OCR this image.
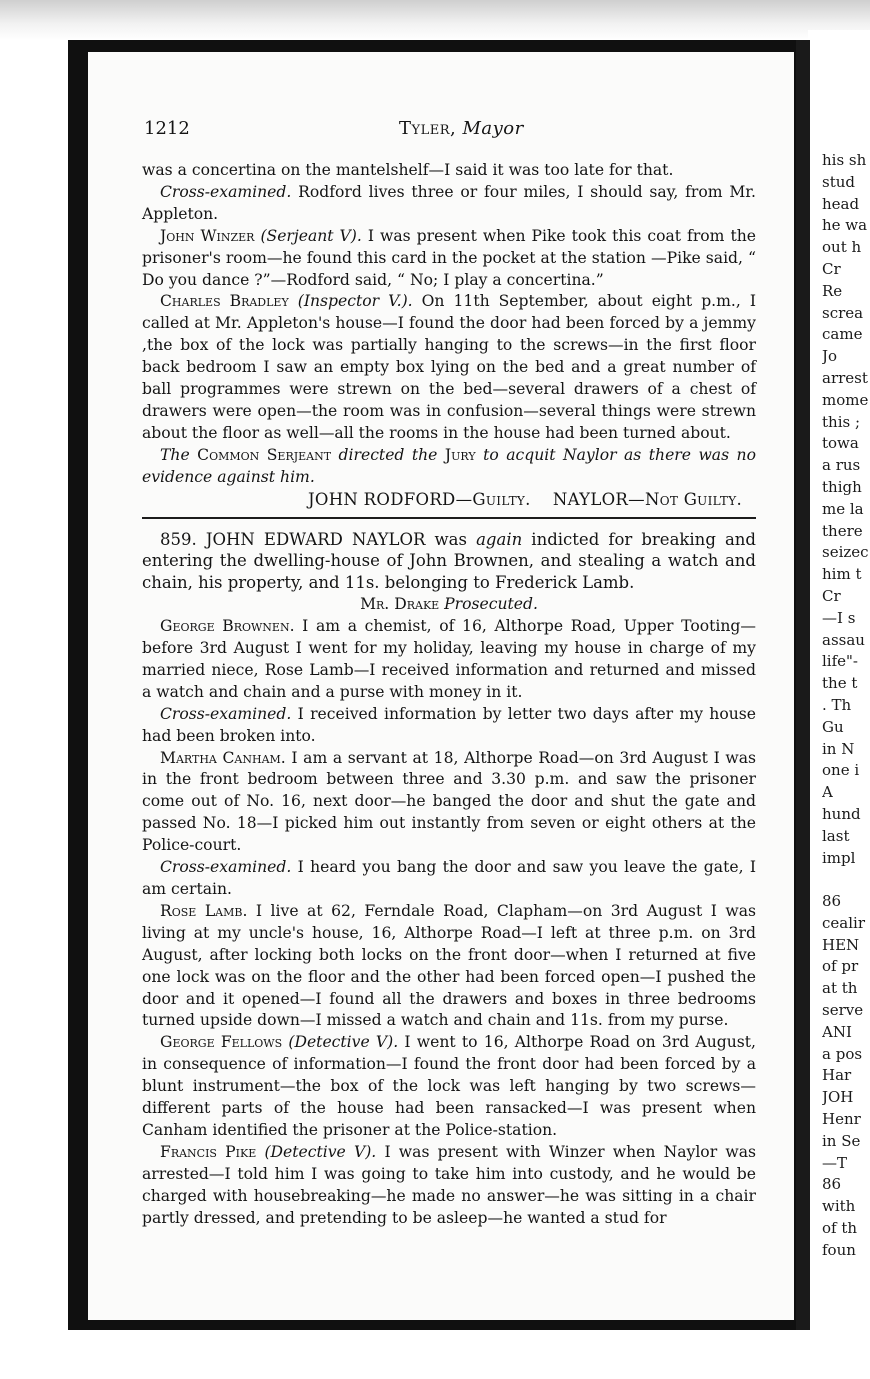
1212	Tyler, Mayor

was a concertina on the mantelshelf—I said it was too late for that.

Cross-examined. Rodford lives three or four miles, I should say, from Mr. Appleton.

John Winzer (Serjeant V). I was present when Pike took this coat from the prisoner's room—he found this card in the pocket at the station —Pike said, “ Do you dance ?”—Rodford said, “ No; I play a concertina.”

Charles Bradley (Inspector V.). On 11th September, about eight p.m., I called at Mr. Appleton's house—I found the door had been forced by a jemmy ,the box of the lock was partially hanging to the screws—in the first floor back bedroom I saw an empty box lying on the bed and a great number of ball programmes were strewn on the bed—several drawers of a chest of drawers were open—the room was in confusion—several things were strewn about the floor as well—all the rooms in the house had been turned about.

The Common Serjeant directed the Jury to acquit Naylor as there was no evidence against him.

JOHN RODFORD—Guilty. NAYLOR—Not Guilty.

859. JOHN EDWARD NAYLOR was again indicted for breaking and entering the dwelling-house of John Brownen, and stealing a watch and chain, his property, and 11s. belonging to Frederick Lamb.

Mr. Drake Prosecuted.

George Brownen. I am a chemist, of 16, Althorpe Road, Upper Tooting—before 3rd August I went for my holiday, leaving my house in charge of my married niece, Rose Lamb—I received information and returned and missed a watch and chain and a purse with money in it.

Cross-examined. I received information by letter two days after my house had been broken into.

Martha Canham. I am a servant at 18, Althorpe Road—on 3rd August I was in the front bedroom between three and 3.30 p.m. and saw the prisoner come out of No. 16, next door—he banged the door and shut the gate and passed No. 18—I picked him out instantly from seven or eight others at the Police-court.

Cross-examined. I heard you bang the door and saw you leave the gate, I am certain.

Rose Lamb. I live at 62, Ferndale Road, Clapham—on 3rd August I was living at my uncle's house, 16, Althorpe Road—I left at three p.m. on 3rd August, after locking both locks on the front door—when I returned at five one lock was on the floor and the other had been forced open—I pushed the door and it opened—I found all the drawers and boxes in three bedrooms turned upside down—I missed a watch and chain and 11s. from my purse.

George Fellows (Detective V). I went to 16, Althorpe Road on 3rd August, in consequence of information—I found the front door had been forced by a blunt instrument—the box of the lock was left hanging by two screws—different parts of the house had been ransacked—I was present when Canham identified the prisoner at the Police-station.

Francis Pike (Detective V). I was present with Winzer when Naylor was arrested—I told him I was going to take him into custody, and he would be charged with housebreaking—he made no answer—he was sitting in a chair partly dressed, and pretending to be asleep—he wanted a stud for

his sh
stud
head
he wa
out h
Cr
Re
screa
came
Jo
arrest
mome
this ;
towa
a rus
thigh
me la
there
seizec
him t
Cr
—I s
assau
life"-
the t
. Th
Gu
in N
one i
A
hund
last
impl

86
cealir
HEN
of pr
at th
serve
ANI
a pos
Har
JOH
Henr
in Se
—T
86
with
of th
foun
